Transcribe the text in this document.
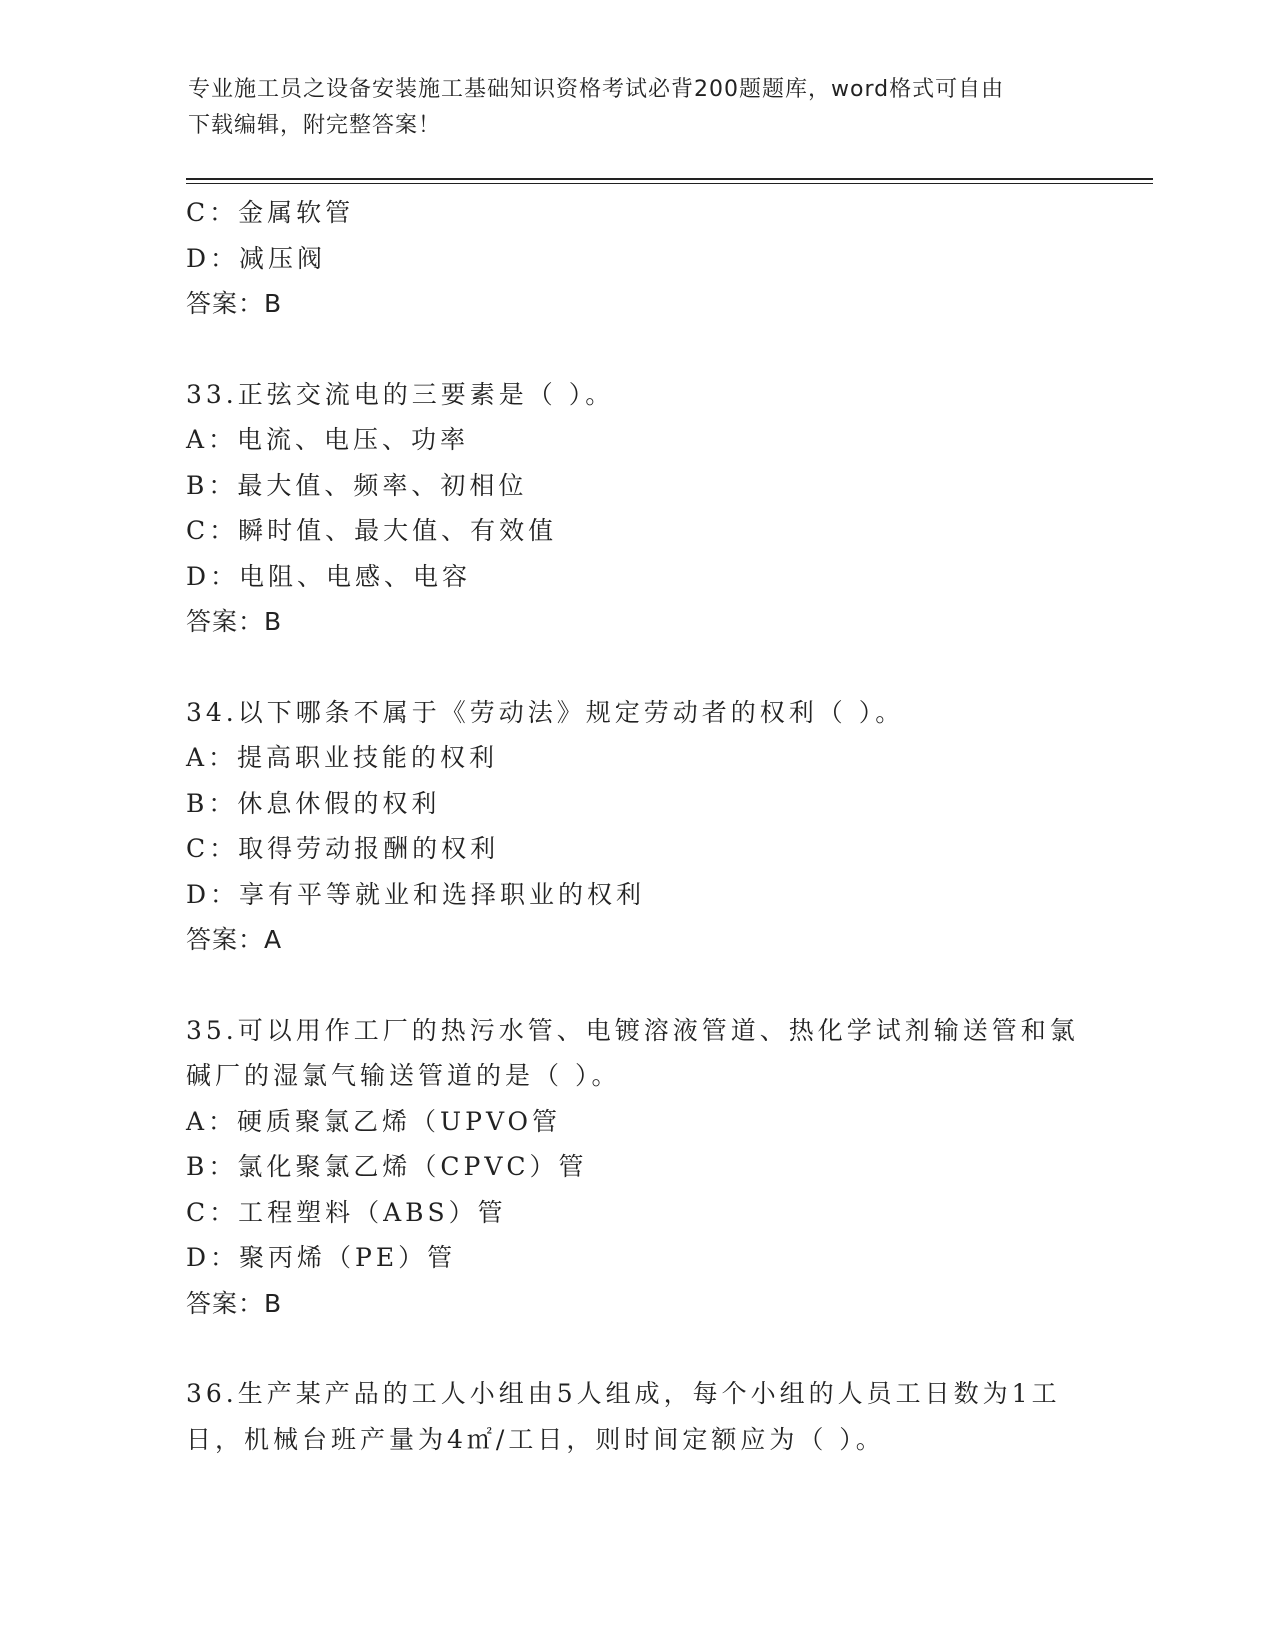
专业施工员之设备安装施工基础知识资格考试必背200题题库，word格式可自由
下载编辑，附完整答案！
C：金属软管
D：减压阀
答案：B
33.正弦交流电的三要素是（ ）。
A：电流、电压、功率
B：最大值、频率、初相位
C：瞬时值、最大值、有效值
D：电阻、电感、电容
答案：B
34.以下哪条不属于《劳动法》规定劳动者的权利（ ）。
A：提高职业技能的权利
B：休息休假的权利
C：取得劳动报酬的权利
D：享有平等就业和选择职业的权利
答案：A
35.可以用作工厂的热污水管、电镀溶液管道、热化学试剂输送管和氯
碱厂的湿氯气输送管道的是（ ）。
A：硬质聚氯乙烯（UPVO管
B：氯化聚氯乙烯（CPVC）管
C：工程塑料（ABS）管
D：聚丙烯（PE）管
答案：B
36.生产某产品的工人小组由5人组成，每个小组的人员工日数为1工
日，机械台班产量为4㎡/工日，则时间定额应为（ ）。
